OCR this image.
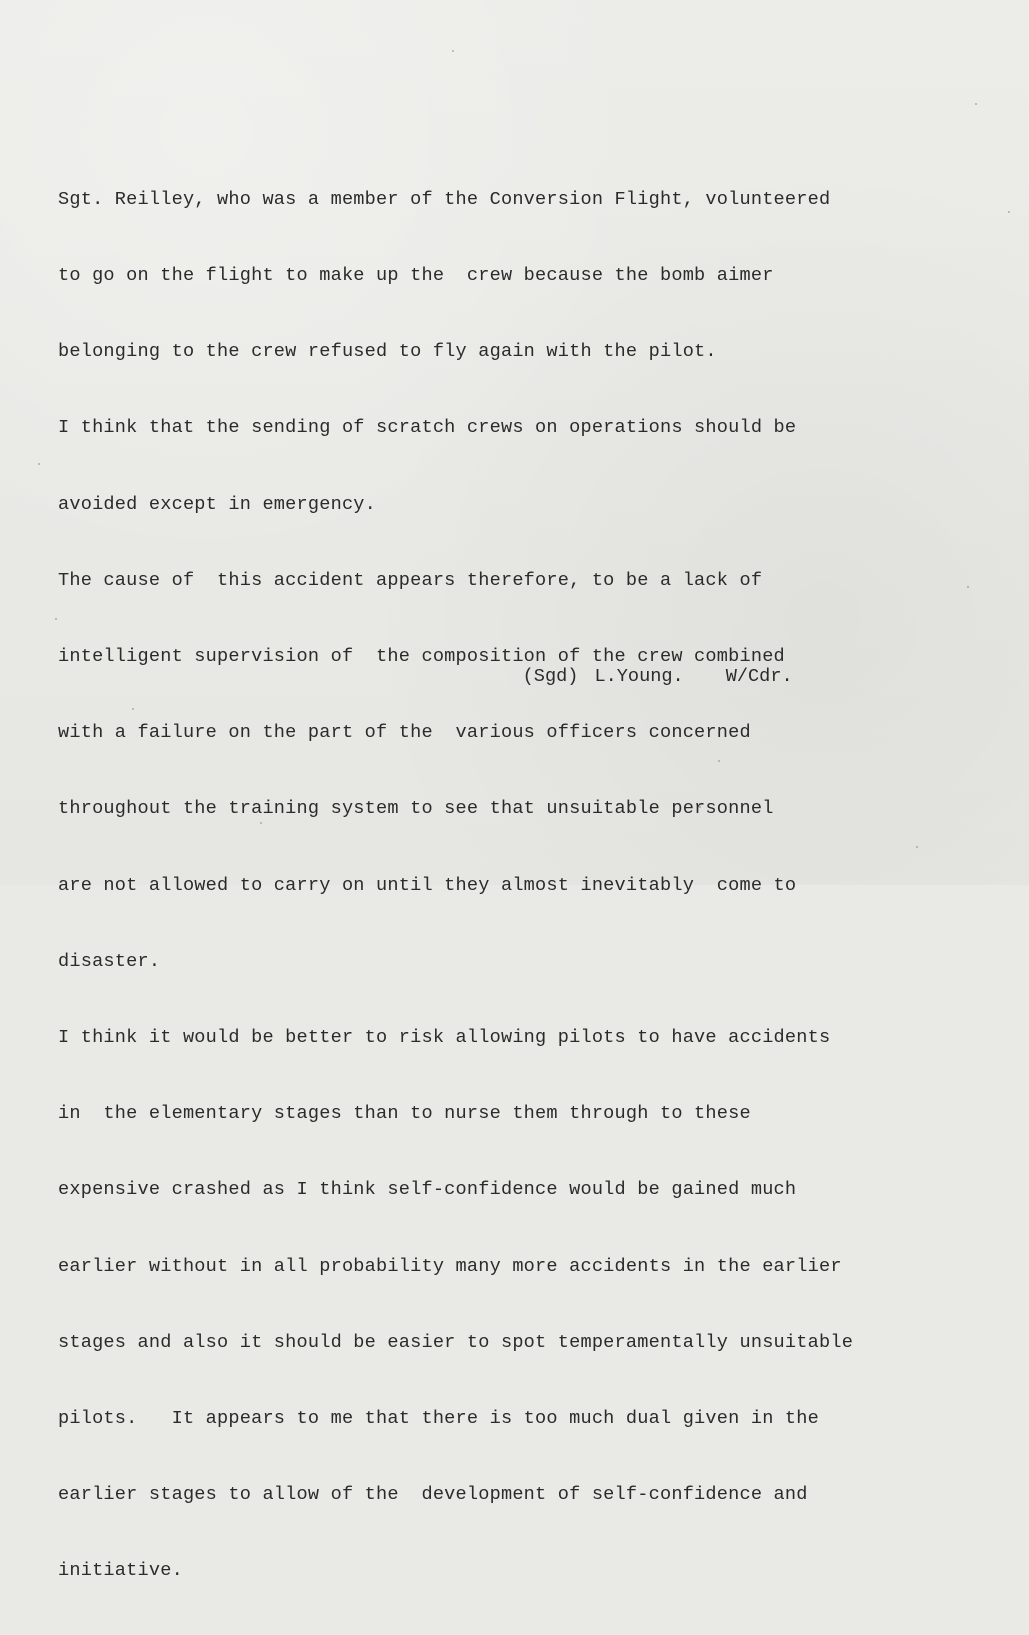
Sgt. Reilley, who was a member of the Conversion Flight, volunteered

to go on the flight to make up the  crew because the bomb aimer

belonging to the crew refused to fly again with the pilot.

I think that the sending of scratch crews on operations should be

avoided except in emergency.

The cause of  this accident appears therefore, to be a lack of

intelligent supervision of  the composition of the crew combined

with a failure on the part of the  various officers concerned

throughout the training system to see that unsuitable personnel

are not allowed to carry on until they almost inevitably  come to

disaster.

I think it would be better to risk allowing pilots to have accidents

in  the elementary stages than to nurse them through to these

expensive crashed as I think self-confidence would be gained much

earlier without in all probability many more accidents in the earlier

stages and also it should be easier to spot temperamentally unsuitable

pilots.   It appears to me that there is too much dual given in the

earlier stages to allow of the  development of self-confidence and

initiative.

(Sgd) L.Young. W/Cdr.
